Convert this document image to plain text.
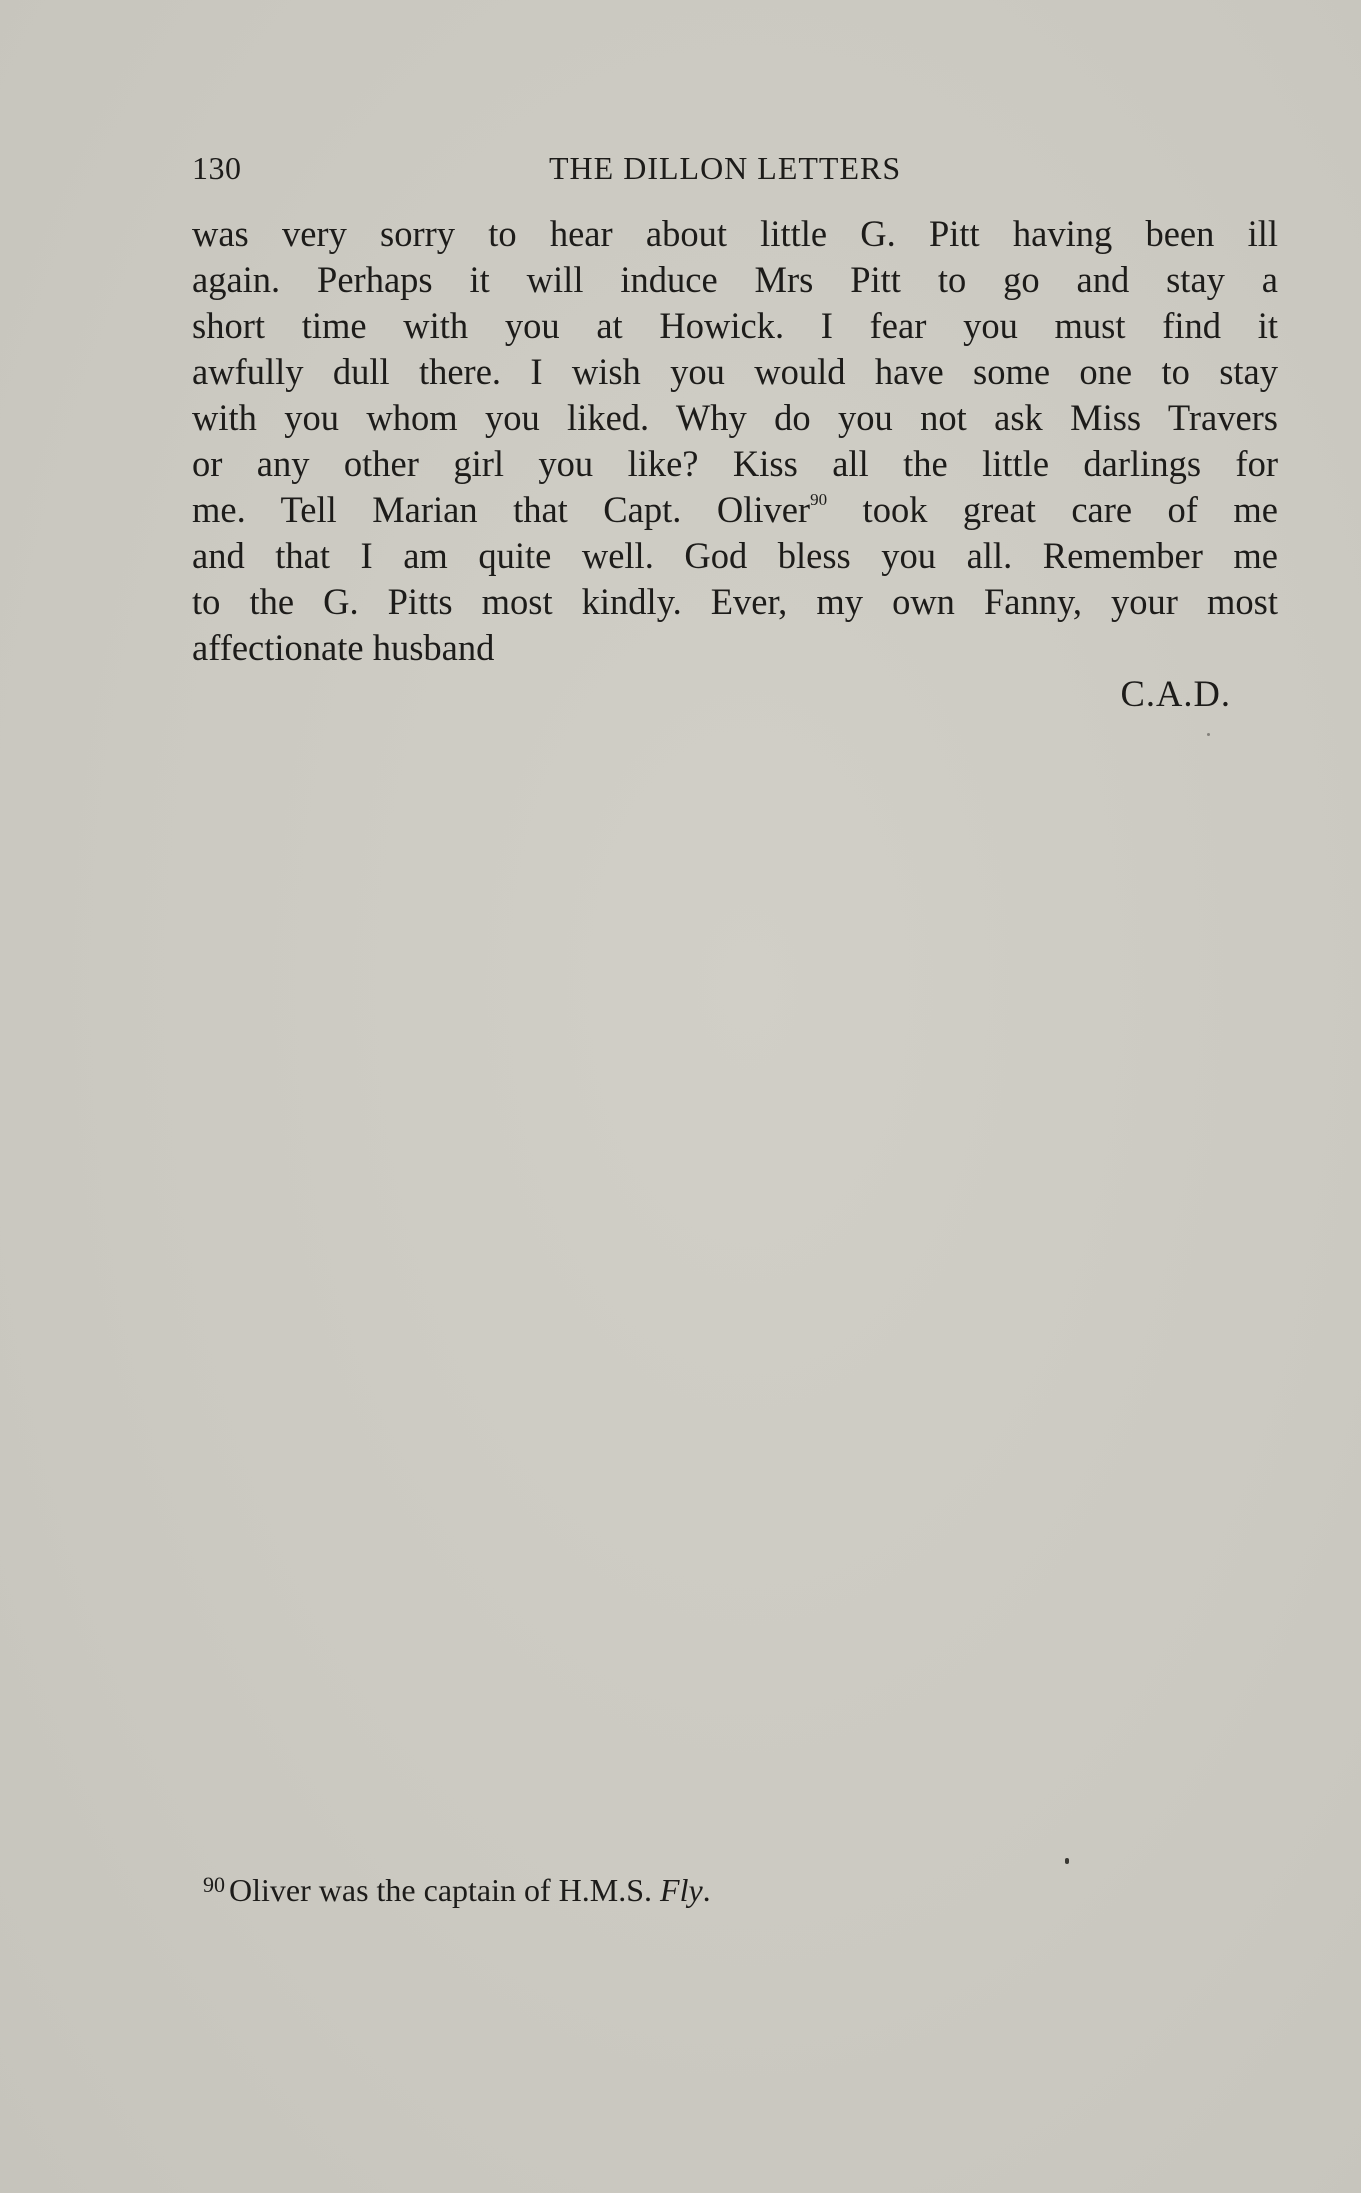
130	THE DILLON LETTERS
was very sorry to hear about little G. Pitt having been ill
again. Perhaps it will induce Mrs Pitt to go and stay a
short time with you at Howick. I fear you must find it
awfully dull there. I wish you would have some one to stay
with you whom you liked. Why do you not ask Miss Travers
or any other girl you like? Kiss all the little darlings for
me. Tell Marian that Capt. Oliver$^{90}$ took great care of me
and that I am quite well. God bless you all. Remember me
to the G. Pitts most kindly. Ever, my own Fanny, your most
affectionate husband
C.A.D.
$^{90}$ Oliver was the captain of H.M.S. Fly.
